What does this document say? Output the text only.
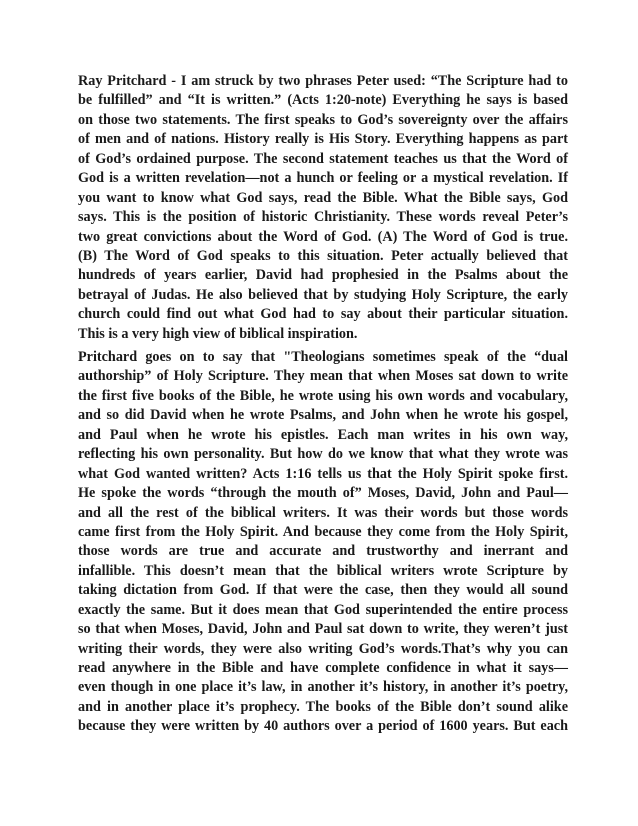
Ray Pritchard - I am struck by two phrases Peter used: “The Scripture had to
be fulfilled” and “It is written.” (Acts 1:20-note) Everything he says is based
on those two statements. The first speaks to God’s sovereignty over the affairs
of men and of nations. History really is His Story. Everything happens as part
of God’s ordained purpose. The second statement teaches us that the Word of
God is a written revelation—not a hunch or feeling or a mystical revelation. If
you want to know what God says, read the Bible. What the Bible says, God
says. This is the position of historic Christianity. These words reveal Peter’s
two great convictions about the Word of God. (A) The Word of God is true.
(B) The Word of God speaks to this situation. Peter actually believed that
hundreds of years earlier, David had prophesied in the Psalms about the
betrayal of Judas. He also believed that by studying Holy Scripture, the early
church could find out what God had to say about their particular situation.
This is a very high view of biblical inspiration.
Pritchard goes on to say that "Theologians sometimes speak of the “dual
authorship” of Holy Scripture. They mean that when Moses sat down to write
the first five books of the Bible, he wrote using his own words and vocabulary,
and so did David when he wrote Psalms, and John when he wrote his gospel,
and Paul when he wrote his epistles. Each man writes in his own way,
reflecting his own personality. But how do we know that what they wrote was
what God wanted written? Acts 1:16 tells us that the Holy Spirit spoke first.
He spoke the words “through the mouth of” Moses, David, John and Paul—
and all the rest of the biblical writers. It was their words but those words
came first from the Holy Spirit. And because they come from the Holy Spirit,
those words are true and accurate and trustworthy and inerrant and
infallible. This doesn’t mean that the biblical writers wrote Scripture by
taking dictation from God. If that were the case, then they would all sound
exactly the same. But it does mean that God superintended the entire process
so that when Moses, David, John and Paul sat down to write, they weren’t just
writing their words, they were also writing God’s words.That’s why you can
read anywhere in the Bible and have complete confidence in what it says—
even though in one place it’s law, in another it’s history, in another it’s poetry,
and in another place it’s prophecy. The books of the Bible don’t sound alike
because they were written by 40 authors over a period of 1600 years. But each
